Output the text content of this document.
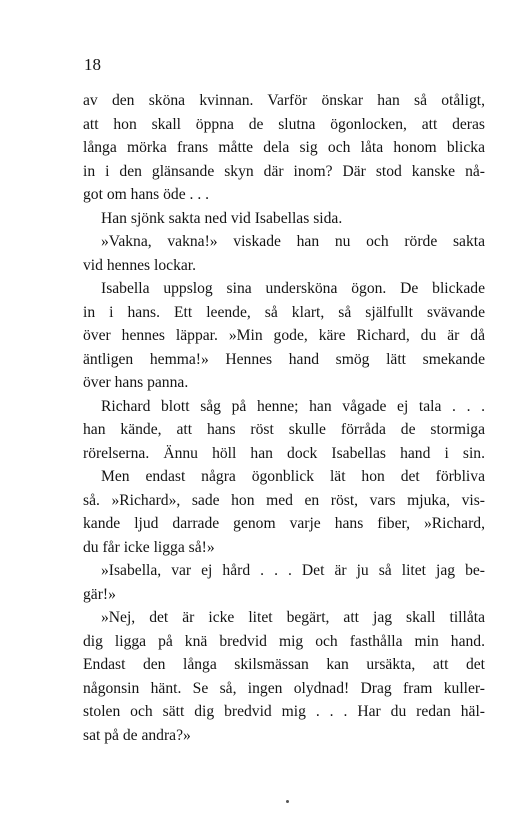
18
av den sköna kvinnan. Varför önskar han så otåligt,
att hon skall öppna de slutna ögonlocken, att deras
långa mörka frans måtte dela sig och låta honom blicka
in i den glänsande skyn där inom? Där stod kanske nå-
got om hans öde . . .
Han sjönk sakta ned vid Isabellas sida.
»Vakna, vakna!» viskade han nu och rörde sakta
vid hennes lockar.
Isabella uppslog sina undersköna ögon. De blickade
in i hans. Ett leende, så klart, så själfullt svävande
över hennes läppar. »Min gode, käre Richard, du är då
äntligen hemma!» Hennes hand smög lätt smekande
över hans panna.
Richard blott såg på henne; han vågade ej tala . . .
han kände, att hans röst skulle förråda de stormiga
rörelserna. Ännu höll han dock Isabellas hand i sin.
Men endast några ögonblick lät hon det förbliva
så. »Richard», sade hon med en röst, vars mjuka, vis-
kande ljud darrade genom varje hans fiber, »Richard,
du får icke ligga så!»
»Isabella, var ej hård . . . Det är ju så litet jag be-
gär!»
»Nej, det är icke litet begärt, att jag skall tillåta
dig ligga på knä bredvid mig och fasthålla min hand.
Endast den långa skilsmässan kan ursäkta, att det
någonsin hänt. Se så, ingen olydnad! Drag fram kuller-
stolen och sätt dig bredvid mig . . . Har du redan häl-
sat på de andra?»
